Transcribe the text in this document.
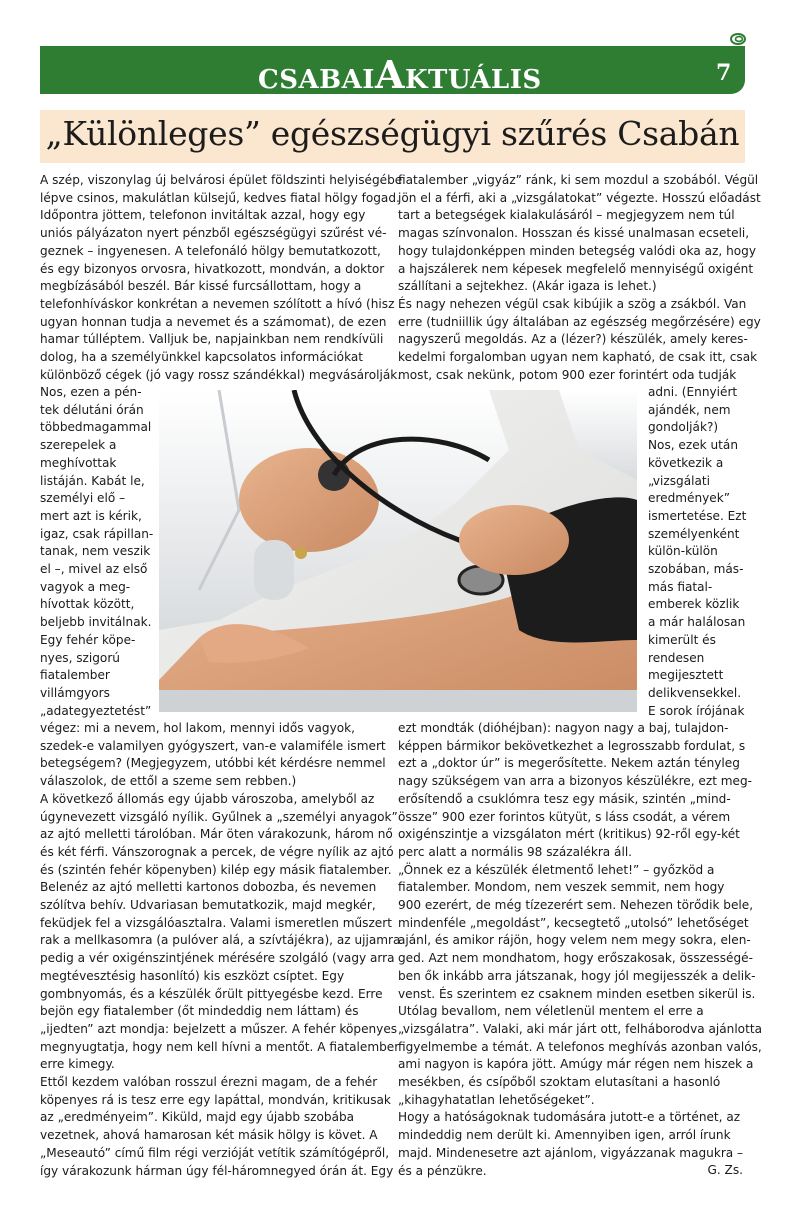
CSABAIAKTUÁLIS	7
„Különleges” egészségügyi szűrés Csabán
A szép, viszonylag új belvárosi épület földszinti helyiségébe
lépve csinos, makulátlan külsejű, kedves fiatal hölgy fogad.
Időpontra jöttem, telefonon invitáltak azzal, hogy egy
uniós pályázaton nyert pénzből egészségügyi szűrést vé-
geznek – ingyenesen. A telefonáló hölgy bemutatkozott,
és egy bizonyos orvosra, hivatkozott, mondván, a doktor
megbízásából beszél. Bár kissé furcsállottam, hogy a
telefonhíváskor konkrétan a nevemen szólított a hívó (hisz
ugyan honnan tudja a nevemet és a számomat), de ezen
hamar túlléptem. Valljuk be, napjainkban nem rendkívüli
dolog, ha a személyünkkel kapcsolatos információkat
különböző cégek (jó vagy rossz szándékkal) megvásárolják.
Nos, ezen a pén-
tek délutáni órán
többedmagammal
szerepelek a
meghívottak
listáján. Kabát le,
személyi elő –
mert azt is kérik,
igaz, csak rápillan-
tanak, nem veszik
el –, mivel az első
vagyok a meg-
hívottak között,
beljebb invitálnak.
Egy fehér köpe-
nyes, szigorú
fiatalember
villámgyors
„adategyeztetést”
végez: mi a nevem, hol lakom, mennyi idős vagyok,
szedek-e valamilyen gyógyszert, van-e valamiféle ismert
betegségem? (Megjegyzem, utóbbi két kérdésre nemmel
válaszolok, de ettől a szeme sem rebben.)
A következő állomás egy újabb városzoba, amelyből az
úgynevezett vizsgáló nyílik. Gyűlnek a „személyi anyagok”
az ajtó melletti tárolóban. Már öten várakozunk, három nő
és két férfi. Vánszorognak a percek, de végre nyílik az ajtó
és (szintén fehér köpenyben) kilép egy másik fiatalember.
Belenéz az ajtó melletti kartonos dobozba, és nevemen
szólítva behív. Udvariasan bemutatkozik, majd megkér,
feküdjek fel a vizsgálóasztalra. Valami ismeretlen műszert
rak a mellkasomra (a pulóver alá, a szívtájékra), az ujjamra
pedig a vér oxigénszintjének mérésére szolgáló (vagy arra
megtévesztésig hasonlító) kis eszközt csíptet. Egy
gombnyomás, és a készülék őrült pittyegésbe kezd. Erre
bejön egy fiatalember (őt mindeddig nem láttam) és
„ijedten” azt mondja: bejelzett a műszer. A fehér köpenyes
megnyugtatja, hogy nem kell hívni a mentőt. A fiatalember
erre kimegy.
Ettől kezdem valóban rosszul érezni magam, de a fehér
köpenyes rá is tesz erre egy lapáttal, mondván, kritikusak
az „eredményeim”. Kiküld, majd egy újabb szobába
vezetnek, ahová hamarosan két másik hölgy is követ. A
„Meseautó” című film régi verzióját vetítik számítógépről,
így várakozunk hárman úgy fél-háromnegyed órán át. Egy
fiatalember „vigyáz” ránk, ki sem mozdul a szobából. Végül
jön el a férfi, aki a „vizsgálatokat” végezte. Hosszú előadást
tart a betegségek kialakulásáról – megjegyzem nem túl
magas színvonalon. Hosszan és kissé unalmasan ecseteli,
hogy tulajdonképpen minden betegség valódi oka az, hogy
a hajszálerek nem képesek megfelelő mennyiségű oxigént
szállítani a sejtekhez. (Akár igaza is lehet.)
És nagy nehezen végül csak kibújik a szög a zsákból. Van
erre (tudniillik úgy általában az egészség megőrzésére) egy
nagyszerű megoldás. Az a (lézer?) készülék, amely keres-
kedelmi forgalomban ugyan nem kapható, de csak itt, csak
most, csak nekünk, potom 900 ezer forintért oda tudják
adni. (Ennyiért
ajándék, nem
gondolják?)
Nos, ezek után
következik a
„vizsgálati
eredmények”
ismertetése. Ezt
személyenként
külön-külön
szobában, más-
más fiatal-
emberek közlik
a már halálosan
kimerült és
rendesen
megijesztett
delikvensekkel.
E sorok írójának
ezt mondták (dióhéjban): nagyon nagy a baj, tulajdon-
képpen bármikor bekövetkezhet a legrosszabb fordulat, s
ezt a „doktor úr” is megerősítette. Nekem aztán tényleg
nagy szükségem van arra a bizonyos készülékre, ezt meg-
erősítendő a csuklómra tesz egy másik, szintén „mind-
össze” 900 ezer forintos kütyüt, s láss csodát, a vérem
oxigénszintje a vizsgálaton mért (kritikus) 92-ről egy-két
perc alatt a normális 98 százalékra áll.
„Önnek ez a készülék életmentő lehet!” – győzköd a
fiatalember. Mondom, nem veszek semmit, nem hogy
900 ezerért, de még tízezerért sem. Nehezen törődik bele,
mindenféle „megoldást”, kecsegtető „utolsó” lehetőséget
ajánl, és amikor rájön, hogy velem nem megy sokra, elen-
ged. Azt nem mondhatom, hogy erőszakosak, összességé-
ben ők inkább arra játszanak, hogy jól megijesszék a delik-
venst. És szerintem ez csaknem minden esetben sikerül is.
Utólag bevallom, nem véletlenül mentem el erre a
„vizsgálatra”. Valaki, aki már járt ott, felháborodva ajánlotta
figyelmembe a témát. A telefonos meghívás azonban valós,
ami nagyon is kapóra jött. Amúgy már régen nem hiszek a
mesékben, és csípőből szoktam elutasítani a hasonló
„kihagyhatatlan lehetőségeket”.
Hogy a hatóságoknak tudomására jutott-e a történet, az
mindeddig nem derült ki. Amennyiben igen, arról írunk
majd. Mindenesetre azt ajánlom, vigyázzanak magukra –
és a pénzükre.	G. Zs.
